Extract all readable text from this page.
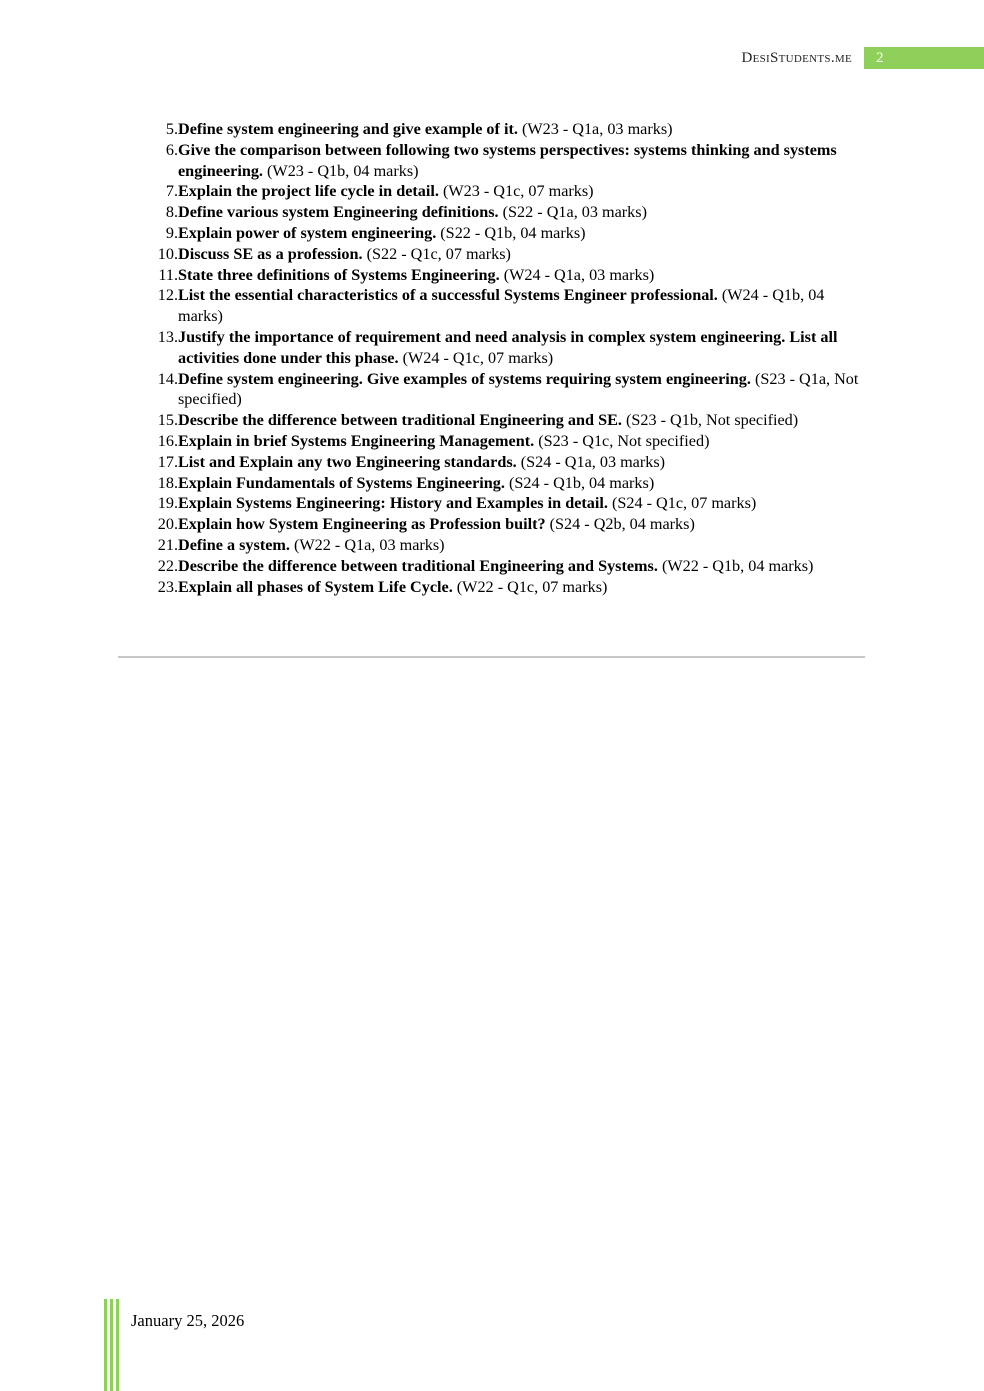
DesiStudents.me	2
5. Define system engineering and give example of it. (W23 - Q1a, 03 marks)
6. Give the comparison between following two systems perspectives: systems thinking and systems engineering. (W23 - Q1b, 04 marks)
7. Explain the project life cycle in detail. (W23 - Q1c, 07 marks)
8. Define various system Engineering definitions. (S22 - Q1a, 03 marks)
9. Explain power of system engineering. (S22 - Q1b, 04 marks)
10. Discuss SE as a profession. (S22 - Q1c, 07 marks)
11. State three definitions of Systems Engineering. (W24 - Q1a, 03 marks)
12. List the essential characteristics of a successful Systems Engineer professional. (W24 - Q1b, 04 marks)
13. Justify the importance of requirement and need analysis in complex system engineering. List all activities done under this phase. (W24 - Q1c, 07 marks)
14. Define system engineering. Give examples of systems requiring system engineering. (S23 - Q1a, Not specified)
15. Describe the difference between traditional Engineering and SE. (S23 - Q1b, Not specified)
16. Explain in brief Systems Engineering Management. (S23 - Q1c, Not specified)
17. List and Explain any two Engineering standards. (S24 - Q1a, 03 marks)
18. Explain Fundamentals of Systems Engineering. (S24 - Q1b, 04 marks)
19. Explain Systems Engineering: History and Examples in detail. (S24 - Q1c, 07 marks)
20. Explain how System Engineering as Profession built? (S24 - Q2b, 04 marks)
21. Define a system. (W22 - Q1a, 03 marks)
22. Describe the difference between traditional Engineering and Systems. (W22 - Q1b, 04 marks)
23. Explain all phases of System Life Cycle. (W22 - Q1c, 07 marks)
January 25, 2026
